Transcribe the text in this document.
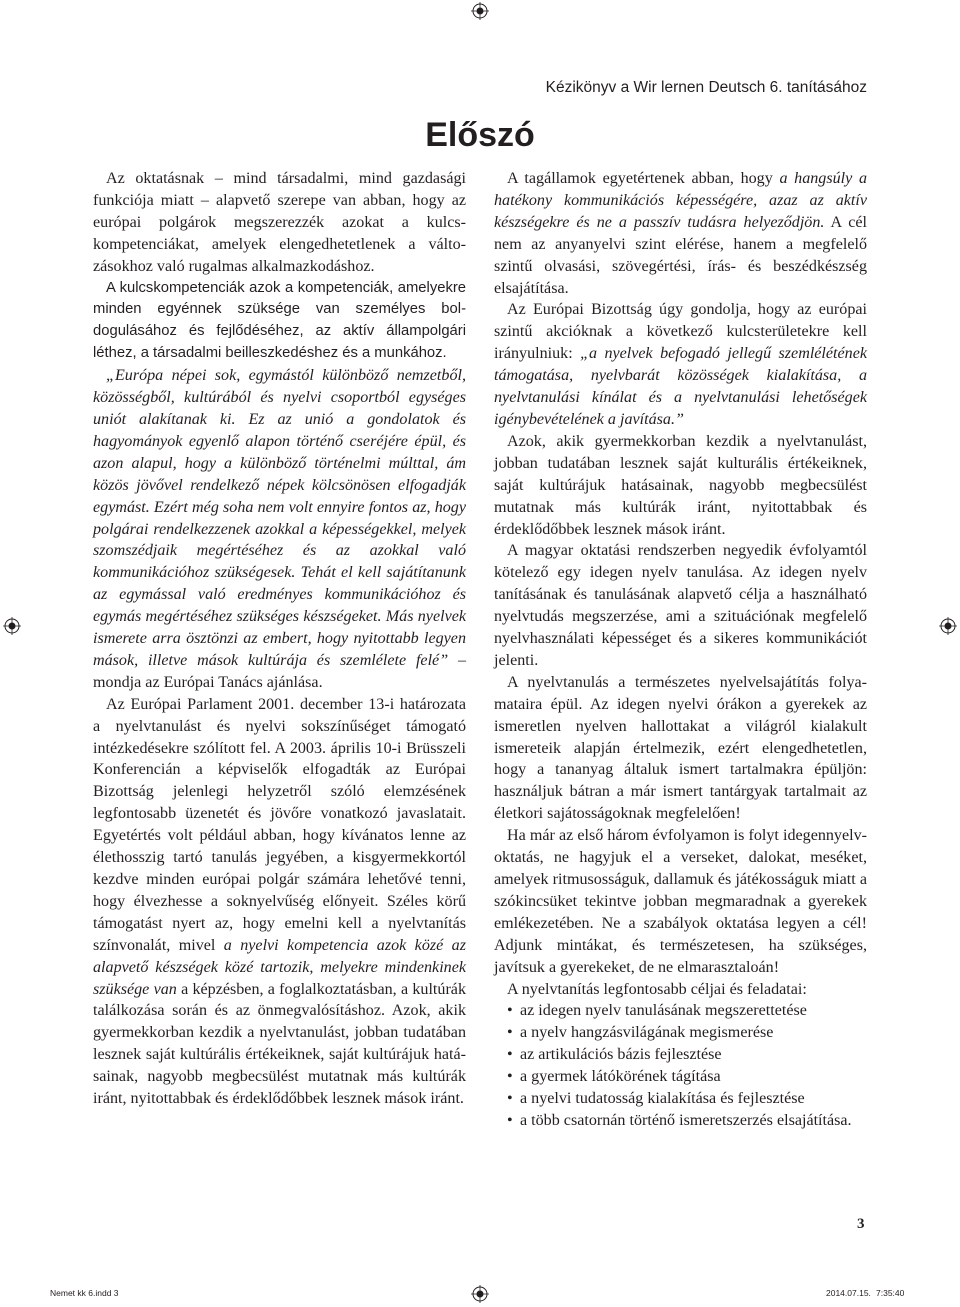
Kézikönyv a Wir lernen Deutsch 6. tanításához
Előszó

Az oktatásnak – mind társadalmi, mind gazdasági funkciója miatt – alapvető szerepe van abban, hogy az európai polgárok megszerezzék azokat a kulcskompetenciákat, amelyek elengedhetetlenek a változásokhoz való rugalmas alkalmazkodáshoz.

A kulcskompetenciák azok a kompetenciák, amelyekre minden egyénnek szüksége van személyes boldogulásához és fejlődéséhez, az aktív állampolgári léthez, a társadalmi beilleszkedéshez és a munkához.

„Európa népei sok, egymástól különböző nemzetből, közösségből, kultúrából és nyelvi csoportból egységes uniót alakítanak ki. Ez az unió a gondolatok és hagyományok egyenlő alapon történő cseréjére épül, és azon alapul, hogy a különböző történelmi múlttal, ám közös jövővel rendelkező népek kölcsönösen elfogadják egymást. Ezért még soha nem volt ennyire fontos az, hogy polgárai rendelkezzenek azokkal a képességekkel, melyek szomszédjaik megértéséhez és az azokkal való kommunikációhoz szükségesek. Tehát el kell sajátítanunk az egymással való eredményes kommunikációhoz és egymás megértéséhez szükséges készségeket. Más nyelvek ismerete arra ösztönzi az embert, hogy nyitottabb legyen mások, illetve mások kultúrája és szemlélete felé” – mondja az Európai Tanács ajánlása.

Az Európai Parlament 2001. december 13-i határozata a nyelvtanulást és nyelvi sokszínűséget támogató intézkedésekre szólított fel. A 2003. április 10-i Brüsszeli Konferencián a képviselők elfogadták az Európai Bizottság jelenlegi helyzetről szóló elemzésének legfontosabb üzenetét és jövőre vonatkozó javaslatait. Egyetértés volt például abban, hogy kívánatos lenne az élethosszig tartó tanulás jegyében, a kisgyermekkortól kezdve minden európai polgár számára lehetővé tenni, hogy élvezhesse a soknyelvűség előnyeit. Széles körű támogatást nyert az, hogy emelni kell a nyelvtanítás színvonalát, mivel a nyelvi kompetencia azok közé az alapvető készségek közé tartozik, melyekre mindenkinek szüksége van a képzésben, a foglalkoztatásban, a kultúrák találkozása során és az önmegvalósításhoz. Azok, akik gyermekkorban kezdik a nyelvtanulást, jobban tudatában lesznek saját kultúrális értékeiknek, saját kultúrájuk hatásainak, nagyobb megbecsülést mutatnak más kultúrák iránt, nyitottabbak és érdeklődőbbek lesznek mások iránt.

A tagállamok egyetértenek abban, hogy a hangsúly a hatékony kommunikációs képességére, azaz az aktív készségekre és ne a passzív tudásra helyeződjön. A cél nem az anyanyelvi szint elérése, hanem a megfelelő szintű olvasási, szövegértési, írás- és beszédkészség elsajátítása.

Az Európai Bizottság úgy gondolja, hogy az európai szintű akcióknak a következő kulcsterületekre kell irányulniuk: „a nyelvek befogadó jellegű szemlélétének támogatása, nyelvbarát közösségek kialakítása, a nyelvtanulási kínálat és a nyelvtanulási lehetőségek igénybevételének a javítása.”

Azok, akik gyermekkorban kezdik a nyelvtanulást, jobban tudatában lesznek saját kulturális értékeiknek, saját kultúrájuk hatásainak, nagyobb megbecsülést mutatnak más kultúrák iránt, nyitottabbak és érdeklődőbbek lesznek mások iránt.

A magyar oktatási rendszerben negyedik évfolyamtól kötelező egy idegen nyelv tanulása. Az idegen nyelv tanításának és tanulásának alapvető célja a használható nyelvtudás megszerzése, ami a szituációnak megfelelő nyelvhasználati képességet és a sikeres kommunikációt jelenti.

A nyelvtanulás a természetes nyelvelsajátítás folyamataira épül. Az idegen nyelvi órákon a gyerekek az ismeretlen nyelven hallottakat a világról kialakult ismereteik alapján értelmezik, ezért elengedhetetlen, hogy a tananyag általuk ismert tartalmakra épüljön: használjuk bátran a már ismert tantárgyak tartalmait az életkori sajátosságoknak megfelelően!

Ha már az első három évfolyamon is folyt idegennyelv-oktatás, ne hagyjuk el a verseket, dalokat, meséket, amelyek ritmusosságuk, dallamuk és játékosságuk miatt a szókincsüket tekintve jobban megmaradnak a gyerekek emlékezetében. Ne a szabályok oktatása legyen a cél! Adjunk mintákat, és természetesen, ha szükséges, javítsuk a gyerekeket, de ne elmarasztaloán!

A nyelvtanítás legfontosabb céljai és feladatai:

• az idegen nyelv tanulásának megszerettetése
• a nyelv hangzásvilágának megismerése
• az artikulációs bázis fejlesztése
• a gyermek látókörének tágítása
• a nyelvi tudatosság kialakítása és fejlesztése
• a több csatornán történő ismeretszerzés elsajátítása.
3
Nemet kk 6.indd 3	2014.07.15. 7:35:40
